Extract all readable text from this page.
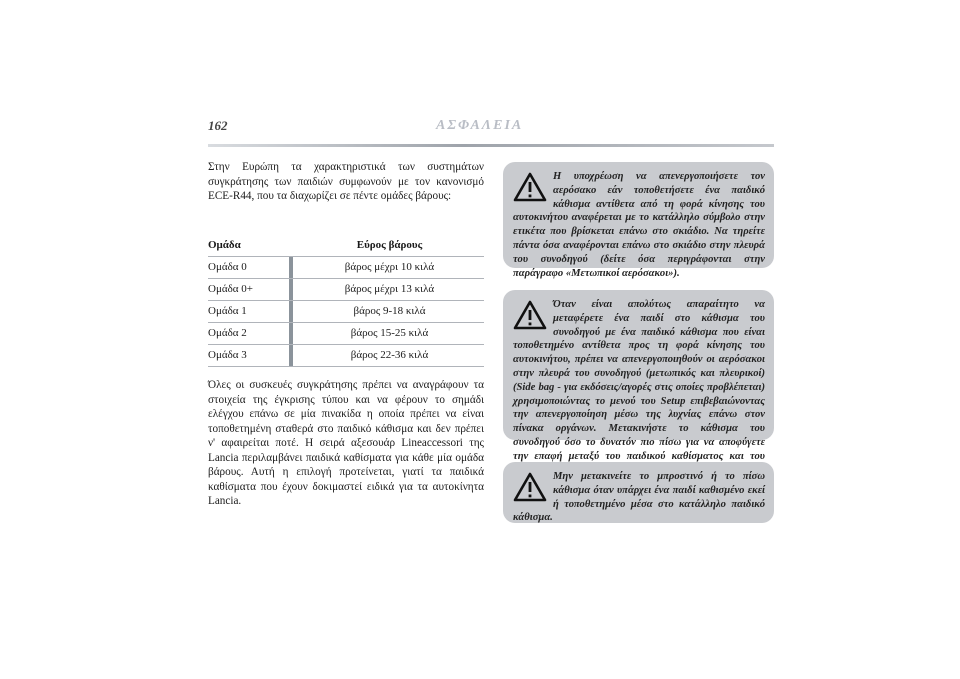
162	ΑΣΦΑΛΕΙΑ

Στην Ευρώπη τα χαρακτηριστικά των συστημάτων συγκράτησης των παιδιών συμφωνούν με τον κανονισμό ECE-R44, που τα διαχωρίζει σε πέντε ομάδες βάρους:

Ομάδα	Εύρος βάρους
Ομάδα 0	βάρος μέχρι 10 κιλά
Ομάδα 0+	βάρος μέχρι 13 κιλά
Ομάδα 1	βάρος 9-18 κιλά
Ομάδα 2	βάρος 15-25 κιλά
Ομάδα 3	βάρος 22-36 κιλά

Όλες οι συσκευές συγκράτησης πρέπει να αναγράφουν τα στοιχεία της έγκρισης τύπου και να φέρουν το σημάδι ελέγχου επάνω σε μία πινακίδα η οποία πρέπει να είναι τοποθετημένη σταθερά στο παιδικό κάθισμα και δεν πρέπει ν' αφαιρείται ποτέ. Η σειρά αξεσουάρ Lineaccessori της Lancia περιλαμβάνει παιδικά καθίσματα για κάθε μία ομάδα βάρους. Αυτή η επιλογή προτείνεται, γιατί τα παιδικά καθίσματα που έχουν δοκιμαστεί ειδικά για τα αυτοκίνητα Lancia.

Η υποχρέωση να απενεργοποιήσετε τον αερόσακο εάν τοποθετήσετε ένα παιδικό κάθισμα αντίθετα από τη φορά κίνησης του αυτοκινήτου αναφέρεται με το κατάλληλο σύμβολο στην ετικέτα που βρίσκεται επάνω στο σκιάδιο. Να τηρείτε πάντα όσα αναφέρονται επάνω στο σκιάδιο στην πλευρά του συνοδηγού (δείτε όσα περιγράφονται στην παράγραφο «Μετωπικοί αερόσακοι»).

Όταν είναι απολύτως απαραίτητο να μεταφέρετε ένα παιδί στο κάθισμα του συνοδηγού με ένα παιδικό κάθισμα που είναι τοποθετημένο αντίθετα προς τη φορά κίνησης του αυτοκινήτου, πρέπει να απενεργοποιηθούν οι αερόσακοι στην πλευρά του συνοδηγού (μετωπικός και πλευρικοί) (Side bag - για εκδόσεις/αγορές στις οποίες προβλέπεται) χρησιμοποιώντας το μενού του Setup επιβεβαιώνοντας την απενεργοποίηση μέσω της λυχνίας επάνω στον πίνακα οργάνων. Μετακινήστε το κάθισμα του συνοδηγού όσο το δυνατόν πιο πίσω για να αποφύγετε την επαφή μεταξύ του παιδικού καθίσματος και του

Μην μετακινείτε το μπροστινό ή το πίσω κάθισμα όταν υπάρχει ένα παιδί καθισμένο εκεί ή τοποθετημένο μέσα στο κατάλληλο παιδικό κάθισμα.
